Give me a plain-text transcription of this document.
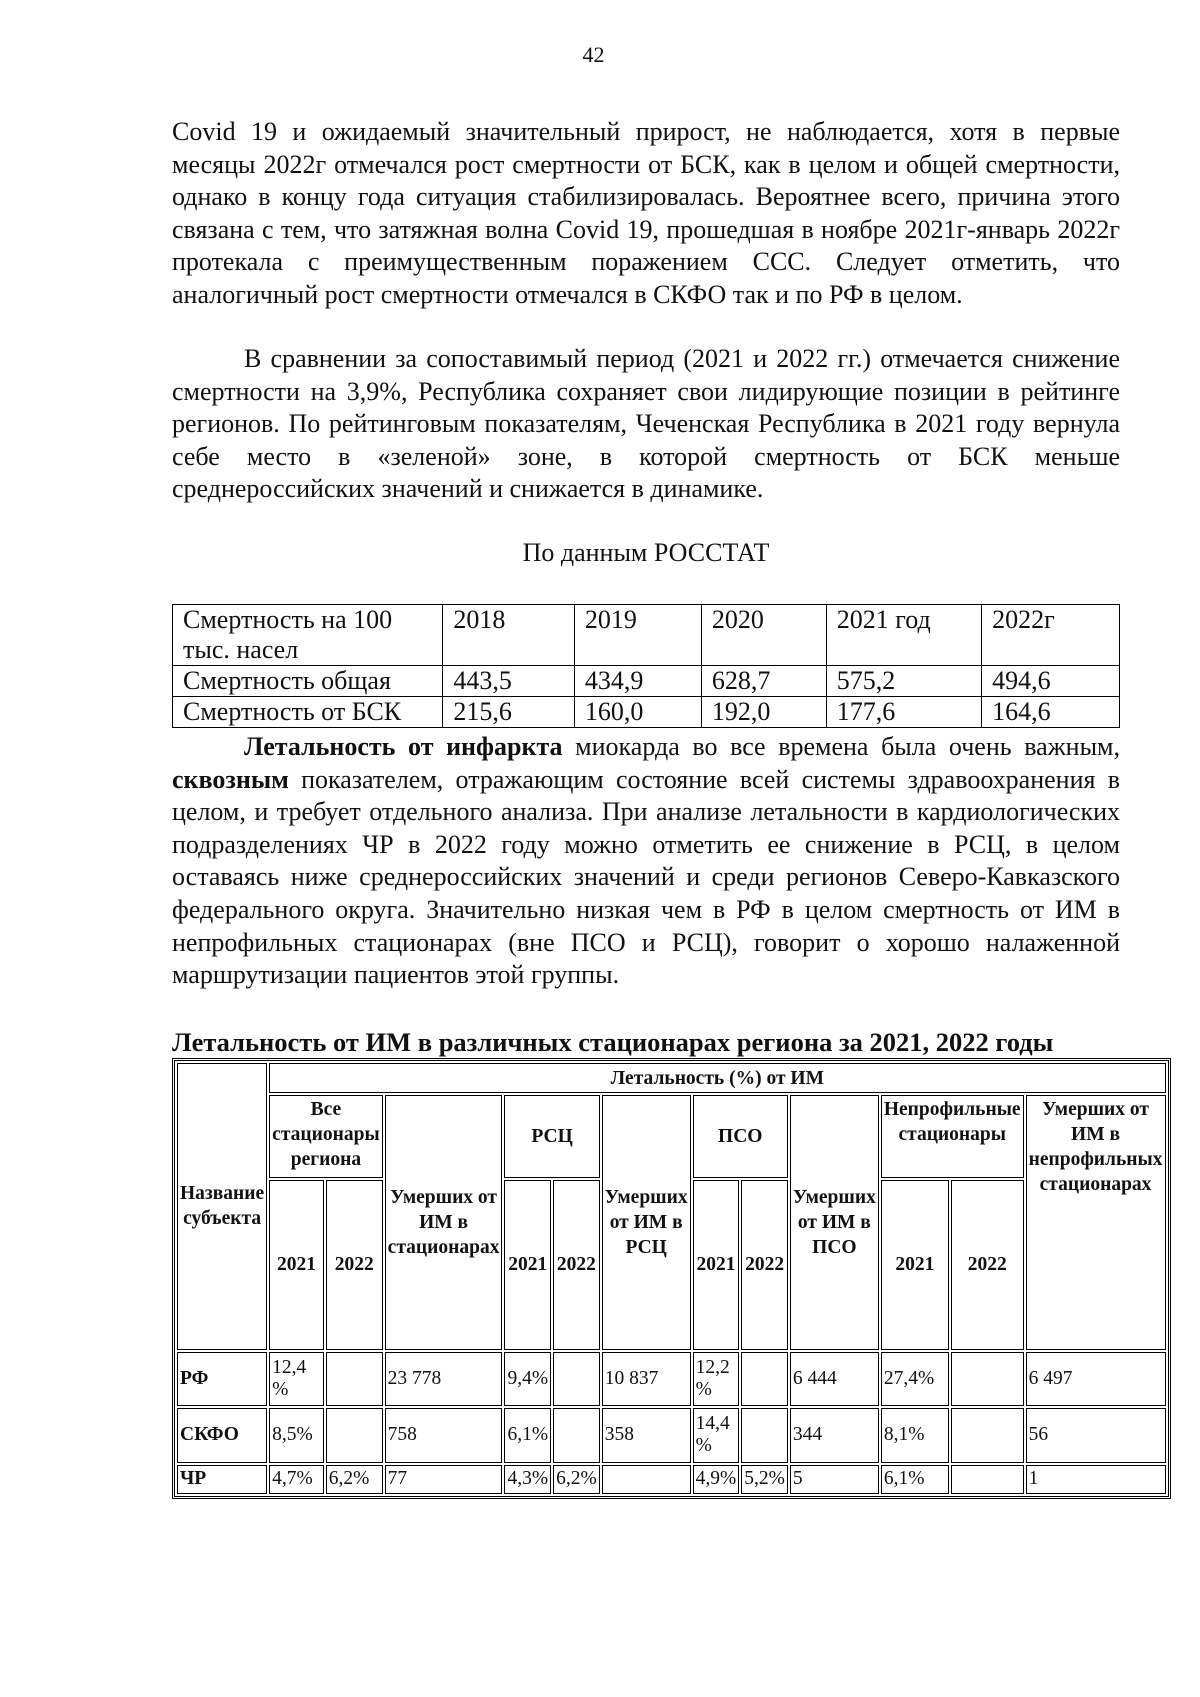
42

Covid 19 и ожидаемый значительный прирост, не наблюдается, хотя в первые месяцы 2022г отмечался рост смертности от БСК, как в целом и общей смертности, однако в концу года ситуация стабилизировалась. Вероятнее всего, причина этого связана с тем, что затяжная волна Covid 19, прошедшая в ноябре 2021г-январь 2022г протекала с преимущественным поражением ССС. Следует отметить, что аналогичный рост смертности отмечался в СКФО так и по РФ в целом.

В сравнении за сопоставимый период (2021 и 2022 гг.) отмечается снижение смертности на 3,9%, Республика сохраняет свои лидирующие позиции в рейтинге регионов. По рейтинговым показателям, Чеченская Республика в 2021 году вернула себе место в «зеленой» зоне, в которой смертность от БСК меньше среднероссийских значений и снижается в динамике.

По данным РОССТАТ
Смертность на 100 тыс. насел	2018	2019	2020	2021 год	2022г
Смертность общая	443,5	434,9	628,7	575,2	494,6
Смертность от БСК	215,6	160,0	192,0	177,6	164,6

Летальность от инфаркта миокарда во все времена была очень важным, сквозным показателем, отражающим состояние всей системы здравоохранения в целом, и требует отдельного анализа. При анализе летальности в кардиологических подразделениях ЧР в 2022 году можно отметить ее снижение в РСЦ, в целом оставаясь ниже среднероссийских значений и среди регионов Северо-Кавказского федерального округа. Значительно низкая чем в РФ в целом смертность от ИМ в непрофильных стационарах (вне ПСО и РСЦ), говорит о хорошо налаженной маршрутизации пациентов этой группы.

Летальность от ИМ в различных стационарах региона за 2021, 2022 годы
Название субъекта	Летальность (%) от ИМ											
	Все стационары региона		Умерших от ИМ в стационарах	РСЦ		Умерших от ИМ в РСЦ	ПСО		Умерших от ИМ в ПСО	Непрофильные стационары		Умерших от ИМ в непрофильных стационарах
	2021	2022		2021	2022		2021	2022		2021	2022	
РФ	12,4 %		23 778	9,4%		10 837	12,2 %		6 444	27,4%		6 497
СКФО	8,5%		758	6,1%		358	14,4 %		344	8,1%		56
ЧР	4,7%	6,2%	77	4,3%	6,2%		4,9%	5,2%	5	6,1%		1
